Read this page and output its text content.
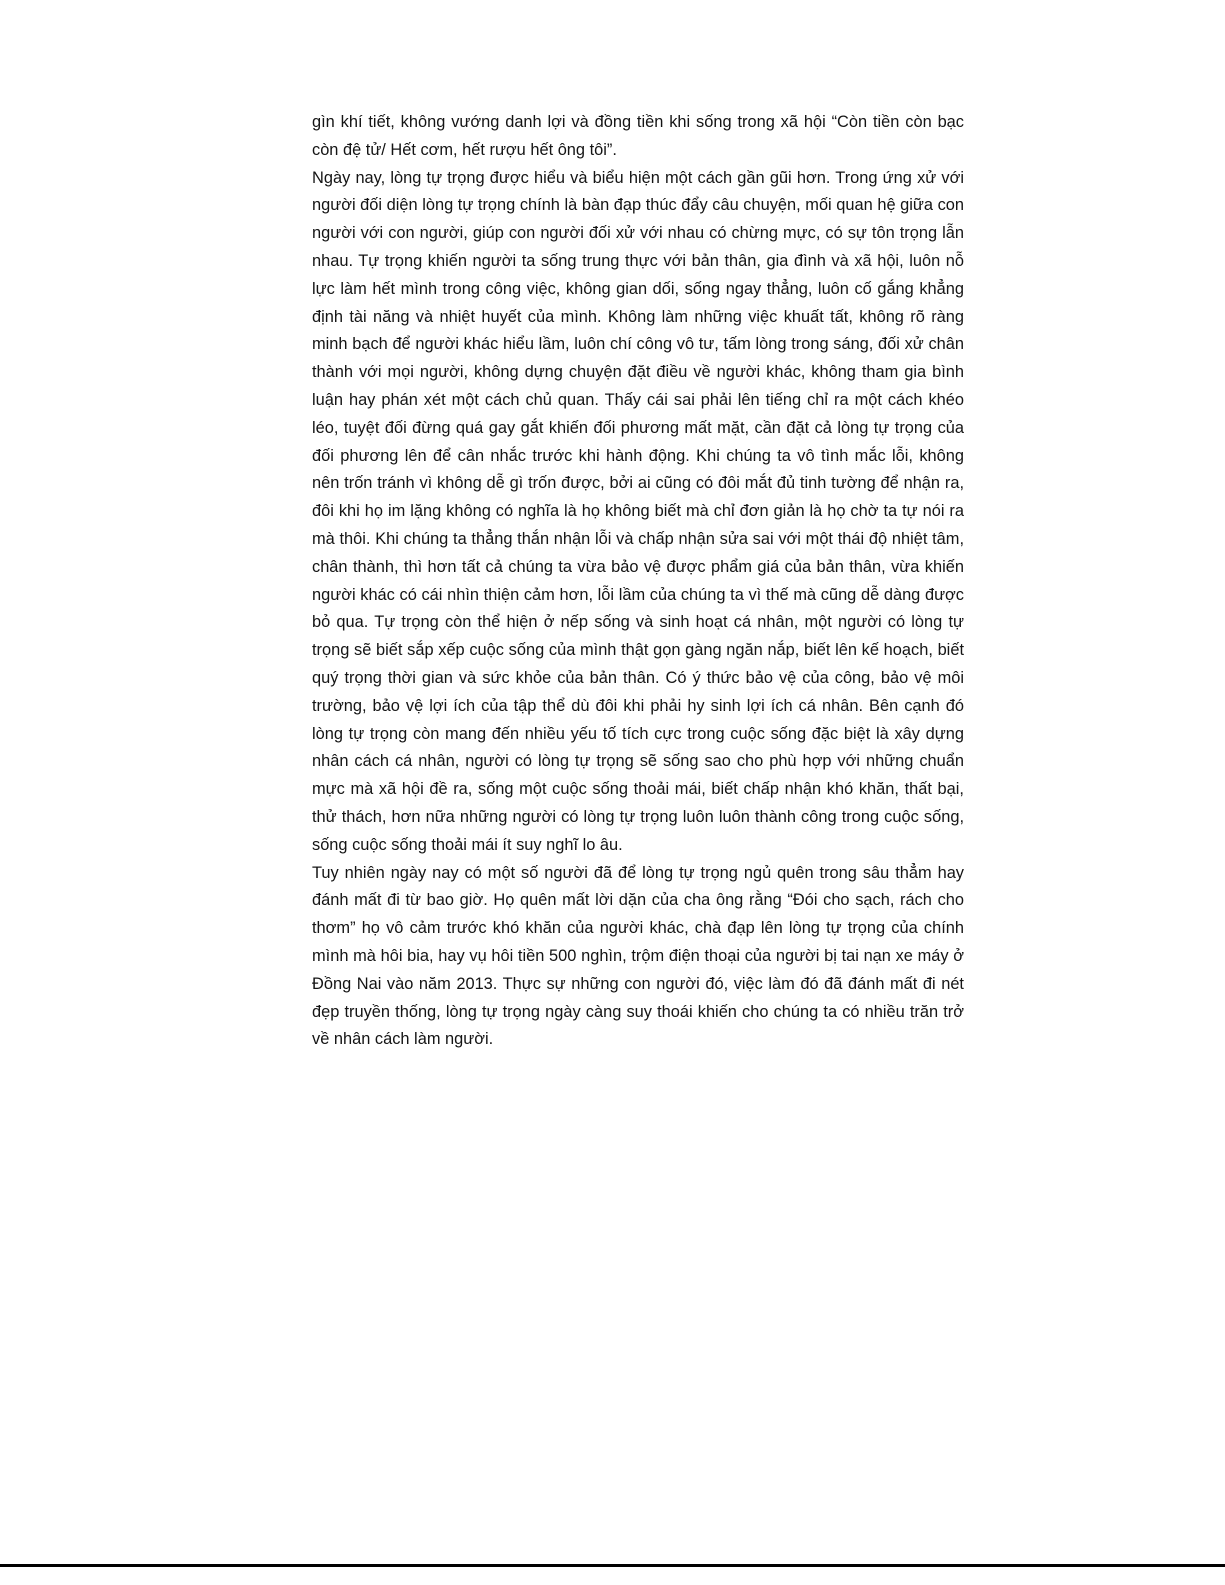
gìn khí tiết, không vướng danh lợi và đồng tiền khi sống trong xã hội “Còn tiền còn bạc còn đệ tử/ Hết cơm, hết rượu hết ông tôi”.

Ngày nay, lòng tự trọng được hiểu và biểu hiện một cách gần gũi hơn. Trong ứng xử với người đối diện lòng tự trọng chính là bàn đạp thúc đẩy câu chuyện, mối quan hệ giữa con người với con người, giúp con người đối xử với nhau có chừng mực, có sự tôn trọng lẫn nhau. Tự trọng khiến người ta sống trung thực với bản thân, gia đình và xã hội, luôn nỗ lực làm hết mình trong công việc, không gian dối, sống ngay thẳng, luôn cố gắng khẳng định tài năng và nhiệt huyết của mình. Không làm những việc khuất tất, không rõ ràng minh bạch để người khác hiểu lầm, luôn chí công vô tư, tấm lòng trong sáng, đối xử chân thành với mọi người, không dựng chuyện đặt điều về người khác, không tham gia bình luận hay phán xét một cách chủ quan. Thấy cái sai phải lên tiếng chỉ ra một cách khéo léo, tuyệt đối đừng quá gay gắt khiến đối phương mất mặt, cần đặt cả lòng tự trọng của đối phương lên để cân nhắc trước khi hành động. Khi chúng ta vô tình mắc lỗi, không nên trốn tránh vì không dễ gì trốn được, bởi ai cũng có đôi mắt đủ tinh tường để nhận ra, đôi khi họ im lặng không có nghĩa là họ không biết mà chỉ đơn giản là họ chờ ta tự nói ra mà thôi. Khi chúng ta thẳng thắn nhận lỗi và chấp nhận sửa sai với một thái độ nhiệt tâm, chân thành, thì hơn tất cả chúng ta vừa bảo vệ được phẩm giá của bản thân, vừa khiến người khác có cái nhìn thiện cảm hơn, lỗi lầm của chúng ta vì thế mà cũng dễ dàng được bỏ qua. Tự trọng còn thể hiện ở nếp sống và sinh hoạt cá nhân, một người có lòng tự trọng sẽ biết sắp xếp cuộc sống của mình thật gọn gàng ngăn nắp, biết lên kế hoạch, biết quý trọng thời gian và sức khỏe của bản thân. Có ý thức bảo vệ của công, bảo vệ môi trường, bảo vệ lợi ích của tập thể dù đôi khi phải hy sinh lợi ích cá nhân. Bên cạnh đó lòng tự trọng còn mang đến nhiều yếu tố tích cực trong cuộc sống đặc biệt là xây dựng nhân cách cá nhân, người có lòng tự trọng sẽ sống sao cho phù hợp với những chuẩn mực mà xã hội đề ra, sống một cuộc sống thoải mái, biết chấp nhận khó khăn, thất bại, thử thách, hơn nữa những người có lòng tự trọng luôn luôn thành công trong cuộc sống, sống cuộc sống thoải mái ít suy nghĩ lo âu.

Tuy nhiên ngày nay có một số người đã để lòng tự trọng ngủ quên trong sâu thẳm hay đánh mất đi từ bao giờ. Họ quên mất lời dặn của cha ông rằng “Đói cho sạch, rách cho thơm” họ vô cảm trước khó khăn của người khác, chà đạp lên lòng tự trọng của chính mình mà hôi bia, hay vụ hôi tiền 500 nghìn, trộm điện thoại của người bị tai nạn xe máy ở Đồng Nai vào năm 2013. Thực sự những con người đó, việc làm đó đã đánh mất đi nét đẹp truyền thống, lòng tự trọng ngày càng suy thoái khiến cho chúng ta có nhiều trăn trở về nhân cách làm người.
